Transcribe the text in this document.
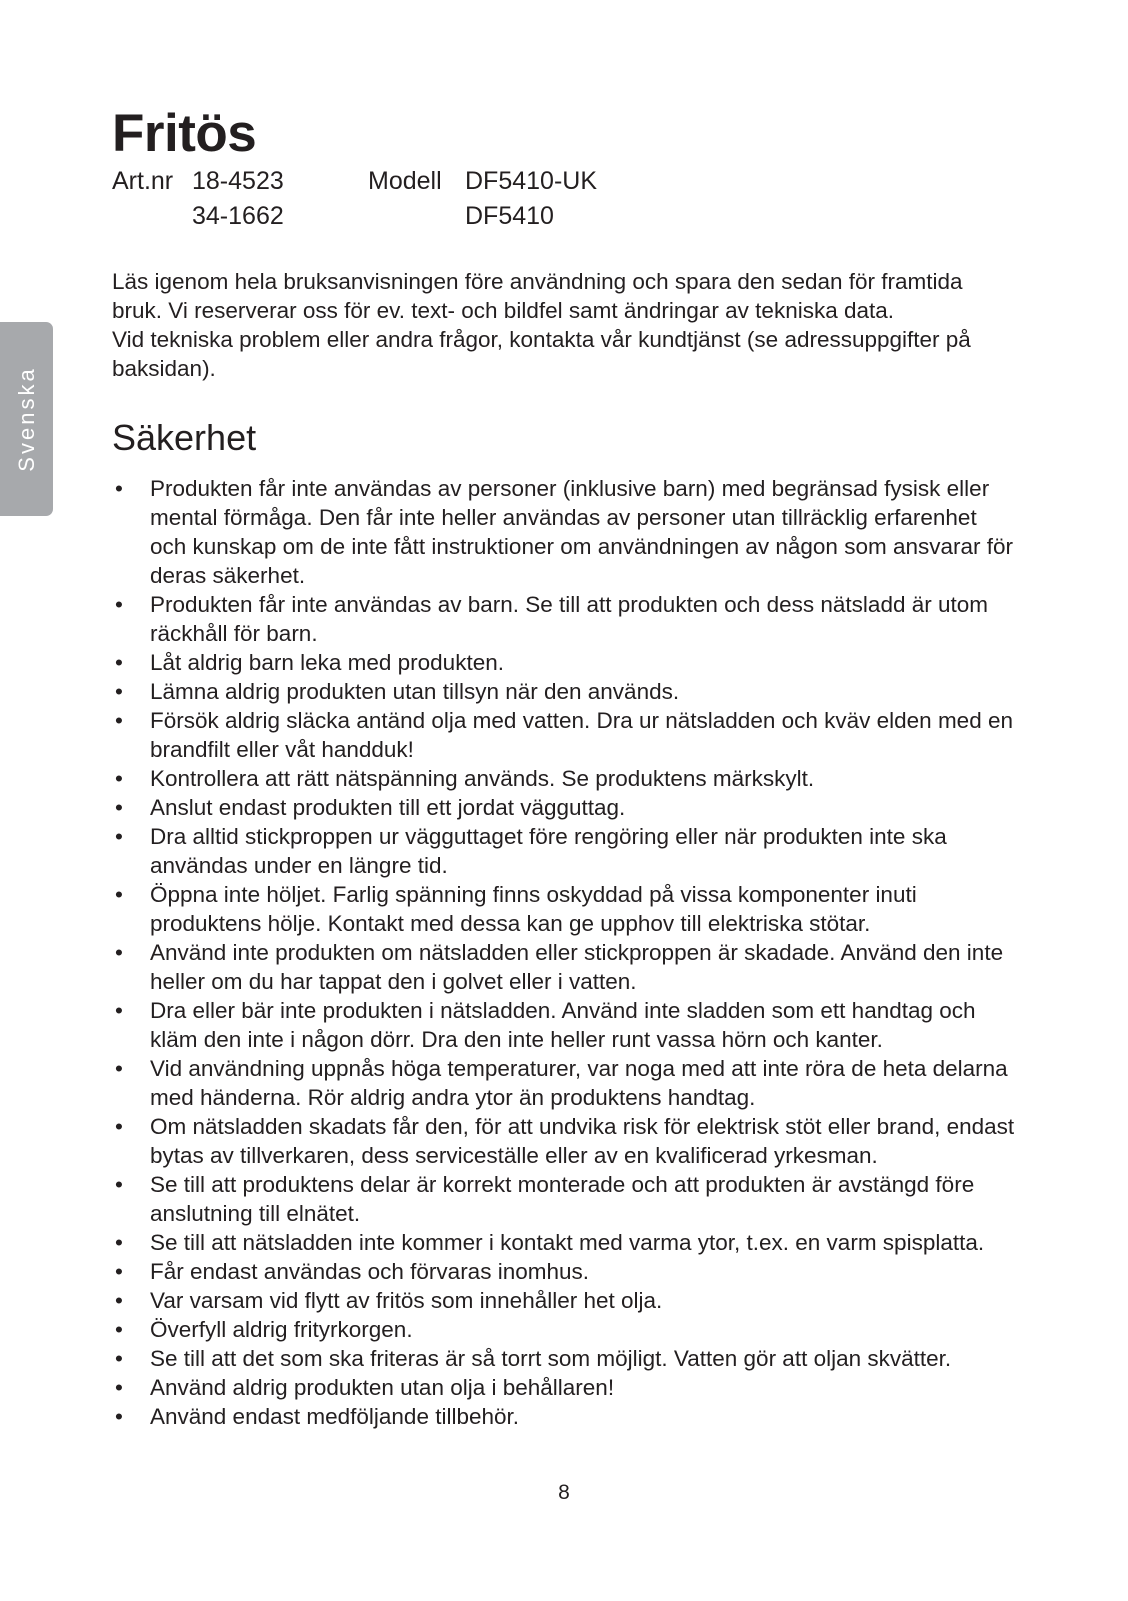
Svenska
Fritös
Art.nr 18-4523
34-1662
Modell DF5410-UK
DF5410

Läs igenom hela bruksanvisningen före användning och spara den sedan för framtida bruk. Vi reserverar oss för ev. text- och bildfel samt ändringar av tekniska data.

Vid tekniska problem eller andra frågor, kontakta vår kundtjänst (se adressuppgifter på baksidan).

Säkerhet
• Produkten får inte användas av personer (inklusive barn) med begränsad fysisk eller mental förmåga. Den får inte heller användas av personer utan tillräcklig erfarenhet och kunskap om de inte fått instruktioner om användningen av någon som ansvarar för deras säkerhet.
• Produkten får inte användas av barn. Se till att produkten och dess nätsladd är utom räckhåll för barn.
• Låt aldrig barn leka med produkten.
• Lämna aldrig produkten utan tillsyn när den används.
• Försök aldrig släcka antänd olja med vatten. Dra ur nätsladden och kväv elden med en brandfilt eller våt handduk!
• Kontrollera att rätt nätspänning används. Se produktens märkskylt.
• Anslut endast produkten till ett jordat vägguttag.
• Dra alltid stickproppen ur vägguttaget före rengöring eller när produkten inte ska användas under en längre tid.
• Öppna inte höljet. Farlig spänning finns oskyddad på vissa komponenter inuti produktens hölje. Kontakt med dessa kan ge upphov till elektriska stötar.
• Använd inte produkten om nätsladden eller stickproppen är skadade. Använd den inte heller om du har tappat den i golvet eller i vatten.
• Dra eller bär inte produkten i nätsladden. Använd inte sladden som ett handtag och kläm den inte i någon dörr. Dra den inte heller runt vassa hörn och kanter.
• Vid användning uppnås höga temperaturer, var noga med att inte röra de heta delarna med händerna. Rör aldrig andra ytor än produktens handtag.
• Om nätsladden skadats får den, för att undvika risk för elektrisk stöt eller brand, endast bytas av tillverkaren, dess serviceställe eller av en kvalificerad yrkesman.
• Se till att produktens delar är korrekt monterade och att produkten är avstängd före anslutning till elnätet.
• Se till att nätsladden inte kommer i kontakt med varma ytor, t.ex. en varm spisplatta.
• Får endast användas och förvaras inomhus.
• Var varsam vid flytt av fritös som innehåller het olja.
• Överfyll aldrig frityrkorgen.
• Se till att det som ska friteras är så torrt som möjligt. Vatten gör att oljan skvätter.
• Använd aldrig produkten utan olja i behållaren!
• Använd endast medföljande tillbehör.
8
